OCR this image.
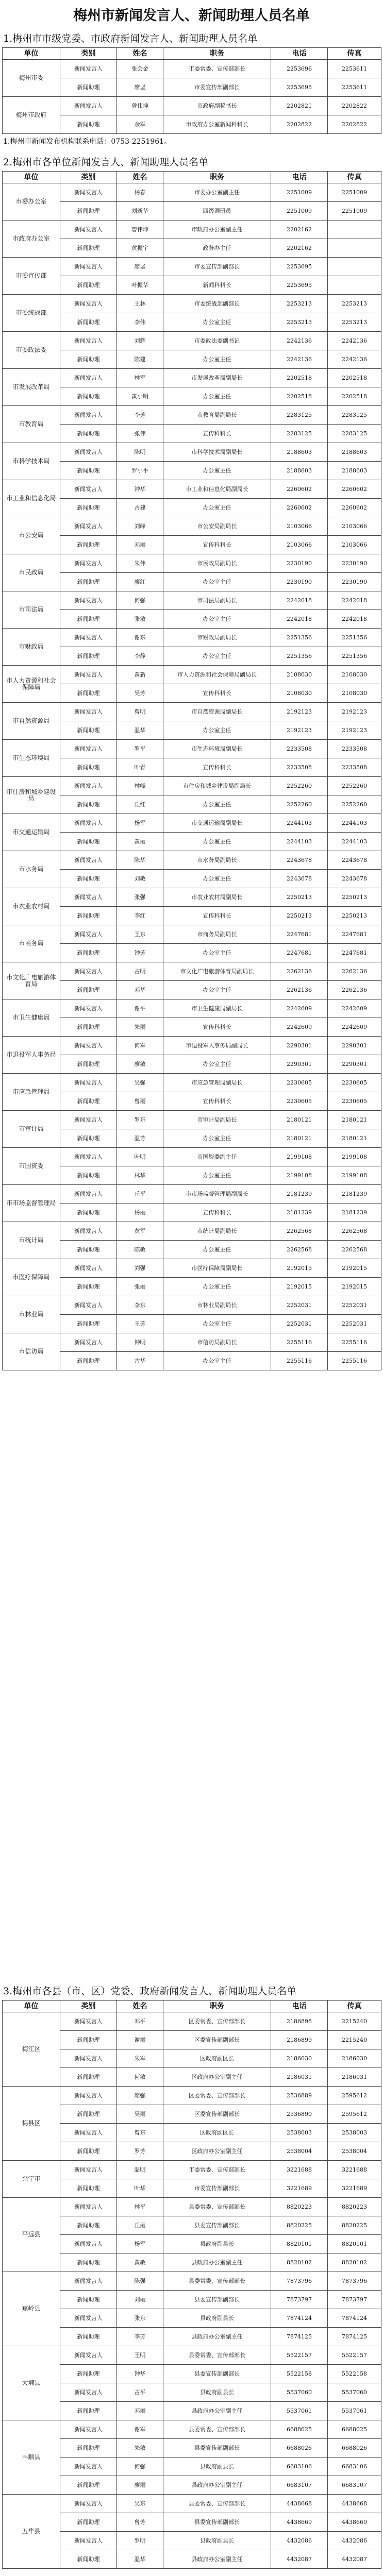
梅州市新闻发言人、新闻助理人员名单
1.梅州市市级党委、市政府新闻发言人、新闻助理人员名单
单位	类别	姓名	职务	电话	传真
梅州市委	新闻发言人	张会金	市委常委、宣传部部长	2253696	2253611
	新闻助理	廖坚	市委宣传部副部长	2253695	2253611
梅州市政府	新闻发言人	曾伟坤	市政府副秘书长	2202821	2202822
	新闻助理	余军	市政府办公室新闻科科长	2202822	2202822
1.梅州市新闻发布机构联系电话：0753-2251961。
2.梅州市各单位新闻发言人、新闻助理人员名单
单位	类别	姓名	职务	电话	传真
市委办公室	新闻发言人	杨春	市委办公室副主任	2251009	2251009
	新闻助理	刘新华	四级调研员	2251009	2251009
市政府办公室	新闻发言人	曾伟坤	市政府办公室副主任	2202162	
	新闻助理	黄振宇	政务办主任	2202162	
市委宣传部	新闻发言人	廖坚	市委宣传部副部长	2253695	
	新闻助理	叶振华	新闻科科长	2253695	
市委统战部	新闻发言人	王林	市委统战部副部长	2253213	2253213
	新闻助理	李伟	办公室主任	2253213	2253213
市委政法委	新闻发言人	刘辉	市委政法委副书记	2242136	2242136
	新闻助理	陈建	办公室主任	2242136	2242136
市发展改革局	新闻发言人	林军	市发展改革局副局长	2202518	2202518
	新闻助理	黄小明	办公室主任	2202518	2202518
市教育局	新闻发言人	李芳	市教育局副局长	2283125	2283125
	新闻助理	张伟	宣传科科长	2283125	2283125
市科学技术局	新闻发言人	陈明	市科学技术局副局长	2188603	2188603
	新闻助理	罗小平	办公室主任	2188603	2188603
市工业和信息化局	新闻发言人	钟华	市工业和信息化局副局长	2260602	2260602
	新闻助理	古建	办公室主任	2260602	2260602
市公安局	新闻发言人	刘峰	市公安局副局长	2103066	2103066
	新闻助理	邓丽	宣传科科长	2103066	2103066
市民政局	新闻发言人	朱伟	市民政局副局长	2230190	2230190
	新闻助理	廖红	办公室主任	2230190	2230190
市司法局	新闻发言人	何强	市司法局副局长	2242018	2242018
	新闻助理	张敏	办公室主任	2242018	2242018
市财政局	新闻发言人	谢东	市财政局副局长	2251356	2251356
	新闻助理	李静	办公室主任	2251356	2251356
市人力资源和社会保障局	新闻发言人	黄新	市人力资源和社会保障局副局长	2108030	2108030
	新闻助理	吴芳	宣传科科长	2108030	2108030
市自然资源局	新闻发言人	曾明	市自然资源局副局长	2192123	2192123
	新闻助理	温华	办公室主任	2192123	2192123
市生态环境局	新闻发言人	罗平	市生态环境局副局长	2233508	2233508
	新闻助理	叶青	宣传科科长	2233508	2233508
市住房和城乡建设局	新闻发言人	林峰	市住房和城乡建设局副局长	2252260	2252260
	新闻助理	丘红	办公室主任	2252260	2252260
市交通运输局	新闻发言人	杨军	市交通运输局副局长	2244103	2244103
	新闻助理	黄丽	办公室主任	2244103	2244103
市水务局	新闻发言人	陈华	市水务局副局长	2243678	2243678
	新闻助理	刘敏	办公室主任	2243678	2243678
市农业农村局	新闻发言人	张强	市农业农村局副局长	2250213	2250213
	新闻助理	李红	宣传科科长	2250213	2250213
市商务局	新闻发言人	王东	市商务局副局长	2247681	2247681
	新闻助理	钟芳	办公室主任	2247681	2247681
市文化广电旅游体育局	新闻发言人	古明	市文化广电旅游体育局副局长	2262136	2262136
	新闻助理	邓华	办公室主任	2262136	2262136
市卫生健康局	新闻发言人	谢平	市卫生健康局副局长	2242609	2242609
	新闻助理	朱丽	宣传科科长	2242609	2242609
市退役军人事务局	新闻发言人	何军	市退役军人事务局副局长	2290301	2290301
	新闻助理	廖敏	办公室主任	2290301	2290301
市应急管理局	新闻发言人	吴强	市应急管理局副局长	2230605	2230605
	新闻助理	曾丽	宣传科科长	2230605	2230605
市审计局	新闻发言人	罗东	市审计局副局长	2180121	2180121
	新闻助理	温芳	办公室主任	2180121	2180121
市国资委	新闻发言人	叶明	市国资委副主任	2199108	2199108
	新闻助理	林华	办公室主任	2199108	2199108
市市场监督管理局	新闻发言人	丘平	市市场监督管理局副局长	2181239	2181239
	新闻助理	杨丽	宣传科科长	2181239	2181239
市统计局	新闻发言人	黄军	市统计局副局长	2262568	2262568
	新闻助理	陈敏	办公室主任	2262568	2262568
市医疗保障局	新闻发言人	刘强	市医疗保障局副局长	2192015	2192015
	新闻助理	张丽	办公室主任	2192015	2192015
市林业局	新闻发言人	李东	市林业局副局长	2252031	2252031
	新闻助理	王芳	办公室主任	2252031	2252031
市信访局	新闻发言人	钟明	市信访局副局长	2255116	2255116
	新闻助理	古华	办公室主任	2255116	2255116
3.梅州市各县（市、区）党委、政府新闻发言人、新闻助理人员名单
单位	类别	姓名	职务	电话	传真
梅江区	新闻发言人	邓平	区委常委、宣传部部长	2186898	2215240
	新闻助理	谢丽	区委宣传部副部长	2186899	2215240
	新闻发言人	朱军	区政府副区长	2186030	2186030
	新闻助理	何敏	区政府办公室副主任	2186031	2186031
梅县区	新闻发言人	廖强	区委常委、宣传部部长	2536889	2595612
	新闻助理	吴丽	区委宣传部副部长	2536890	2595612
	新闻发言人	曾东	区政府副区长	2538003	2538003
	新闻助理	罗芳	区政府办公室副主任	2538004	2538004
兴宁市	新闻发言人	温明	市委常委、宣传部部长	3221688	3221688
	新闻助理	叶华	市委宣传部副部长	3221689	3221689
平远县	新闻发言人	林平	县委常委、宣传部部长	8820223	8820223
	新闻助理	丘丽	县委宣传部副部长	8820225	8820225
	新闻发言人	杨军	县政府副县长	8820101	8820101
	新闻助理	黄敏	县政府办公室副主任	8820102	8820102
蕉岭县	新闻发言人	陈强	县委常委、宣传部部长	7873796	7873796
	新闻助理	刘丽	县委宣传部副部长	7873797	7873797
	新闻发言人	张东	县政府副县长	7874124	7874124
	新闻助理	李芳	县政府办公室副主任	7874125	7874125
大埔县	新闻发言人	王明	县委常委、宣传部部长	5522157	5522157
	新闻助理	钟华	县委宣传部副部长	5522158	5522158
	新闻发言人	古平	县政府副县长	5537060	5537060
	新闻助理	邓丽	县政府办公室副主任	5537061	5537061
丰顺县	新闻发言人	谢军	县委常委、宣传部部长	6688025	6688025
	新闻助理	朱敏	县委宣传部副部长	6688026	6688026
	新闻发言人	何强	县政府副县长	6683106	6683106
	新闻助理	廖丽	县政府办公室副主任	6683107	6683107
五华县	新闻发言人	吴东	县委常委、宣传部部长	4438668	4438668
	新闻助理	曾芳	县委宣传部副部长	4438669	4438669
	新闻发言人	罗明	县政府副县长	4432086	4432086
	新闻助理	温华	县政府办公室副主任	4432087	4432087
